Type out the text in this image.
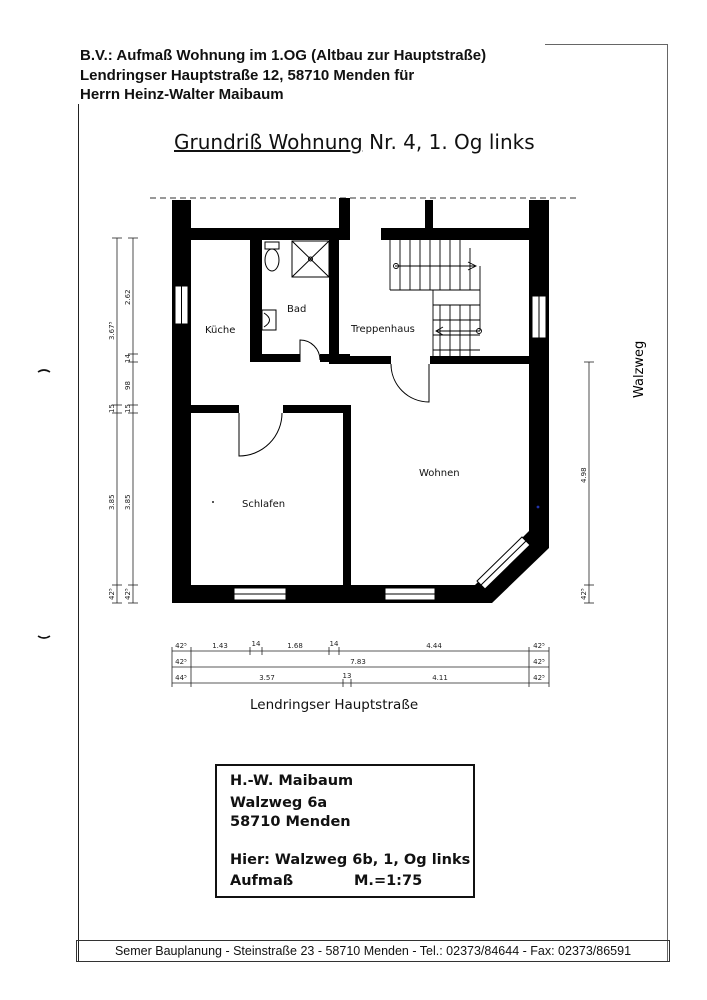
B.V.: Aufmaß Wohnung im 1.OG (Altbau zur Hauptstraße)
Lendringser Hauptstraße 12, 58710 Menden für
Herrn Heinz-Walter Maibaum
Grundriß Wohnung Nr. 4, 1. Og links
Küche
Bad
Treppenhaus
Schlafen
Wohnen
Walzweg
42⁵
3.85
15
3.67⁵
42⁵
3.85
15
98
14
2.62
42⁵
4.98
42⁵	1.43	14	1.68	14	4.44	42⁵
42⁵	7.83	42⁵
44⁵	3.57	13	4.11	42⁵
Lendringser Hauptstraße
H.-W. Maibaum
Walzweg 6a
58710 Menden
Hier: Walzweg 6b, 1, Og links
Aufmaß	M.=1:75
Semer Bauplanung - Steinstraße 23 - 58710 Menden - Tel.: 02373/84644 - Fax: 02373/86591
